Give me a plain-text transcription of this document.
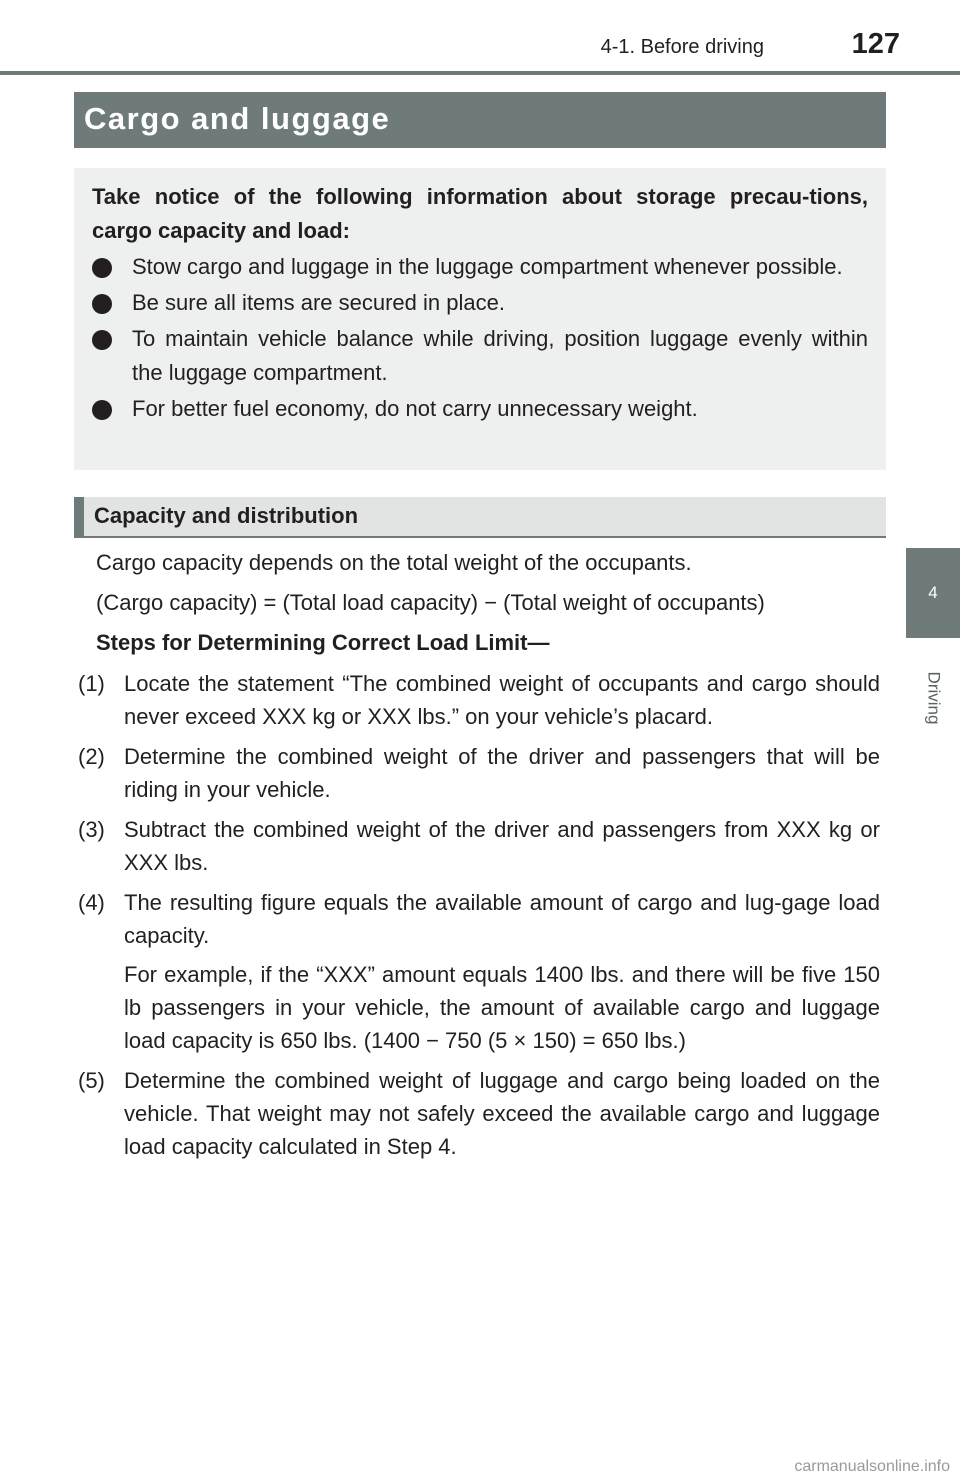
4-1. Before driving	127
4
Driving
Cargo and luggage
Take notice of the following information about storage precau-tions, cargo capacity and load:
Stow cargo and luggage in the luggage compartment whenever possible.
Be sure all items are secured in place.
To maintain vehicle balance while driving, position luggage evenly within the luggage compartment.
For better fuel economy, do not carry unnecessary weight.
Capacity and distribution

Cargo capacity depends on the total weight of the occupants.

(Cargo capacity) = (Total load capacity) − (Total weight of occupants)

Steps for Determining Correct Load Limit—

(1) Locate the statement “The combined weight of occupants and cargo should never exceed XXX kg or XXX lbs.” on your vehicle’s placard.

(2) Determine the combined weight of the driver and passengers that will be riding in your vehicle.

(3) Subtract the combined weight of the driver and passengers from XXX kg or XXX lbs.

(4) The resulting figure equals the available amount of cargo and lug-gage load capacity.

For example, if the “XXX” amount equals 1400 lbs. and there will be five 150 lb passengers in your vehicle, the amount of available cargo and luggage load capacity is 650 lbs. (1400 − 750 (5 × 150) = 650 lbs.)

(5) Determine the combined weight of luggage and cargo being loaded on the vehicle. That weight may not safely exceed the available cargo and luggage load capacity calculated in Step 4.

carmanualsonline.info
